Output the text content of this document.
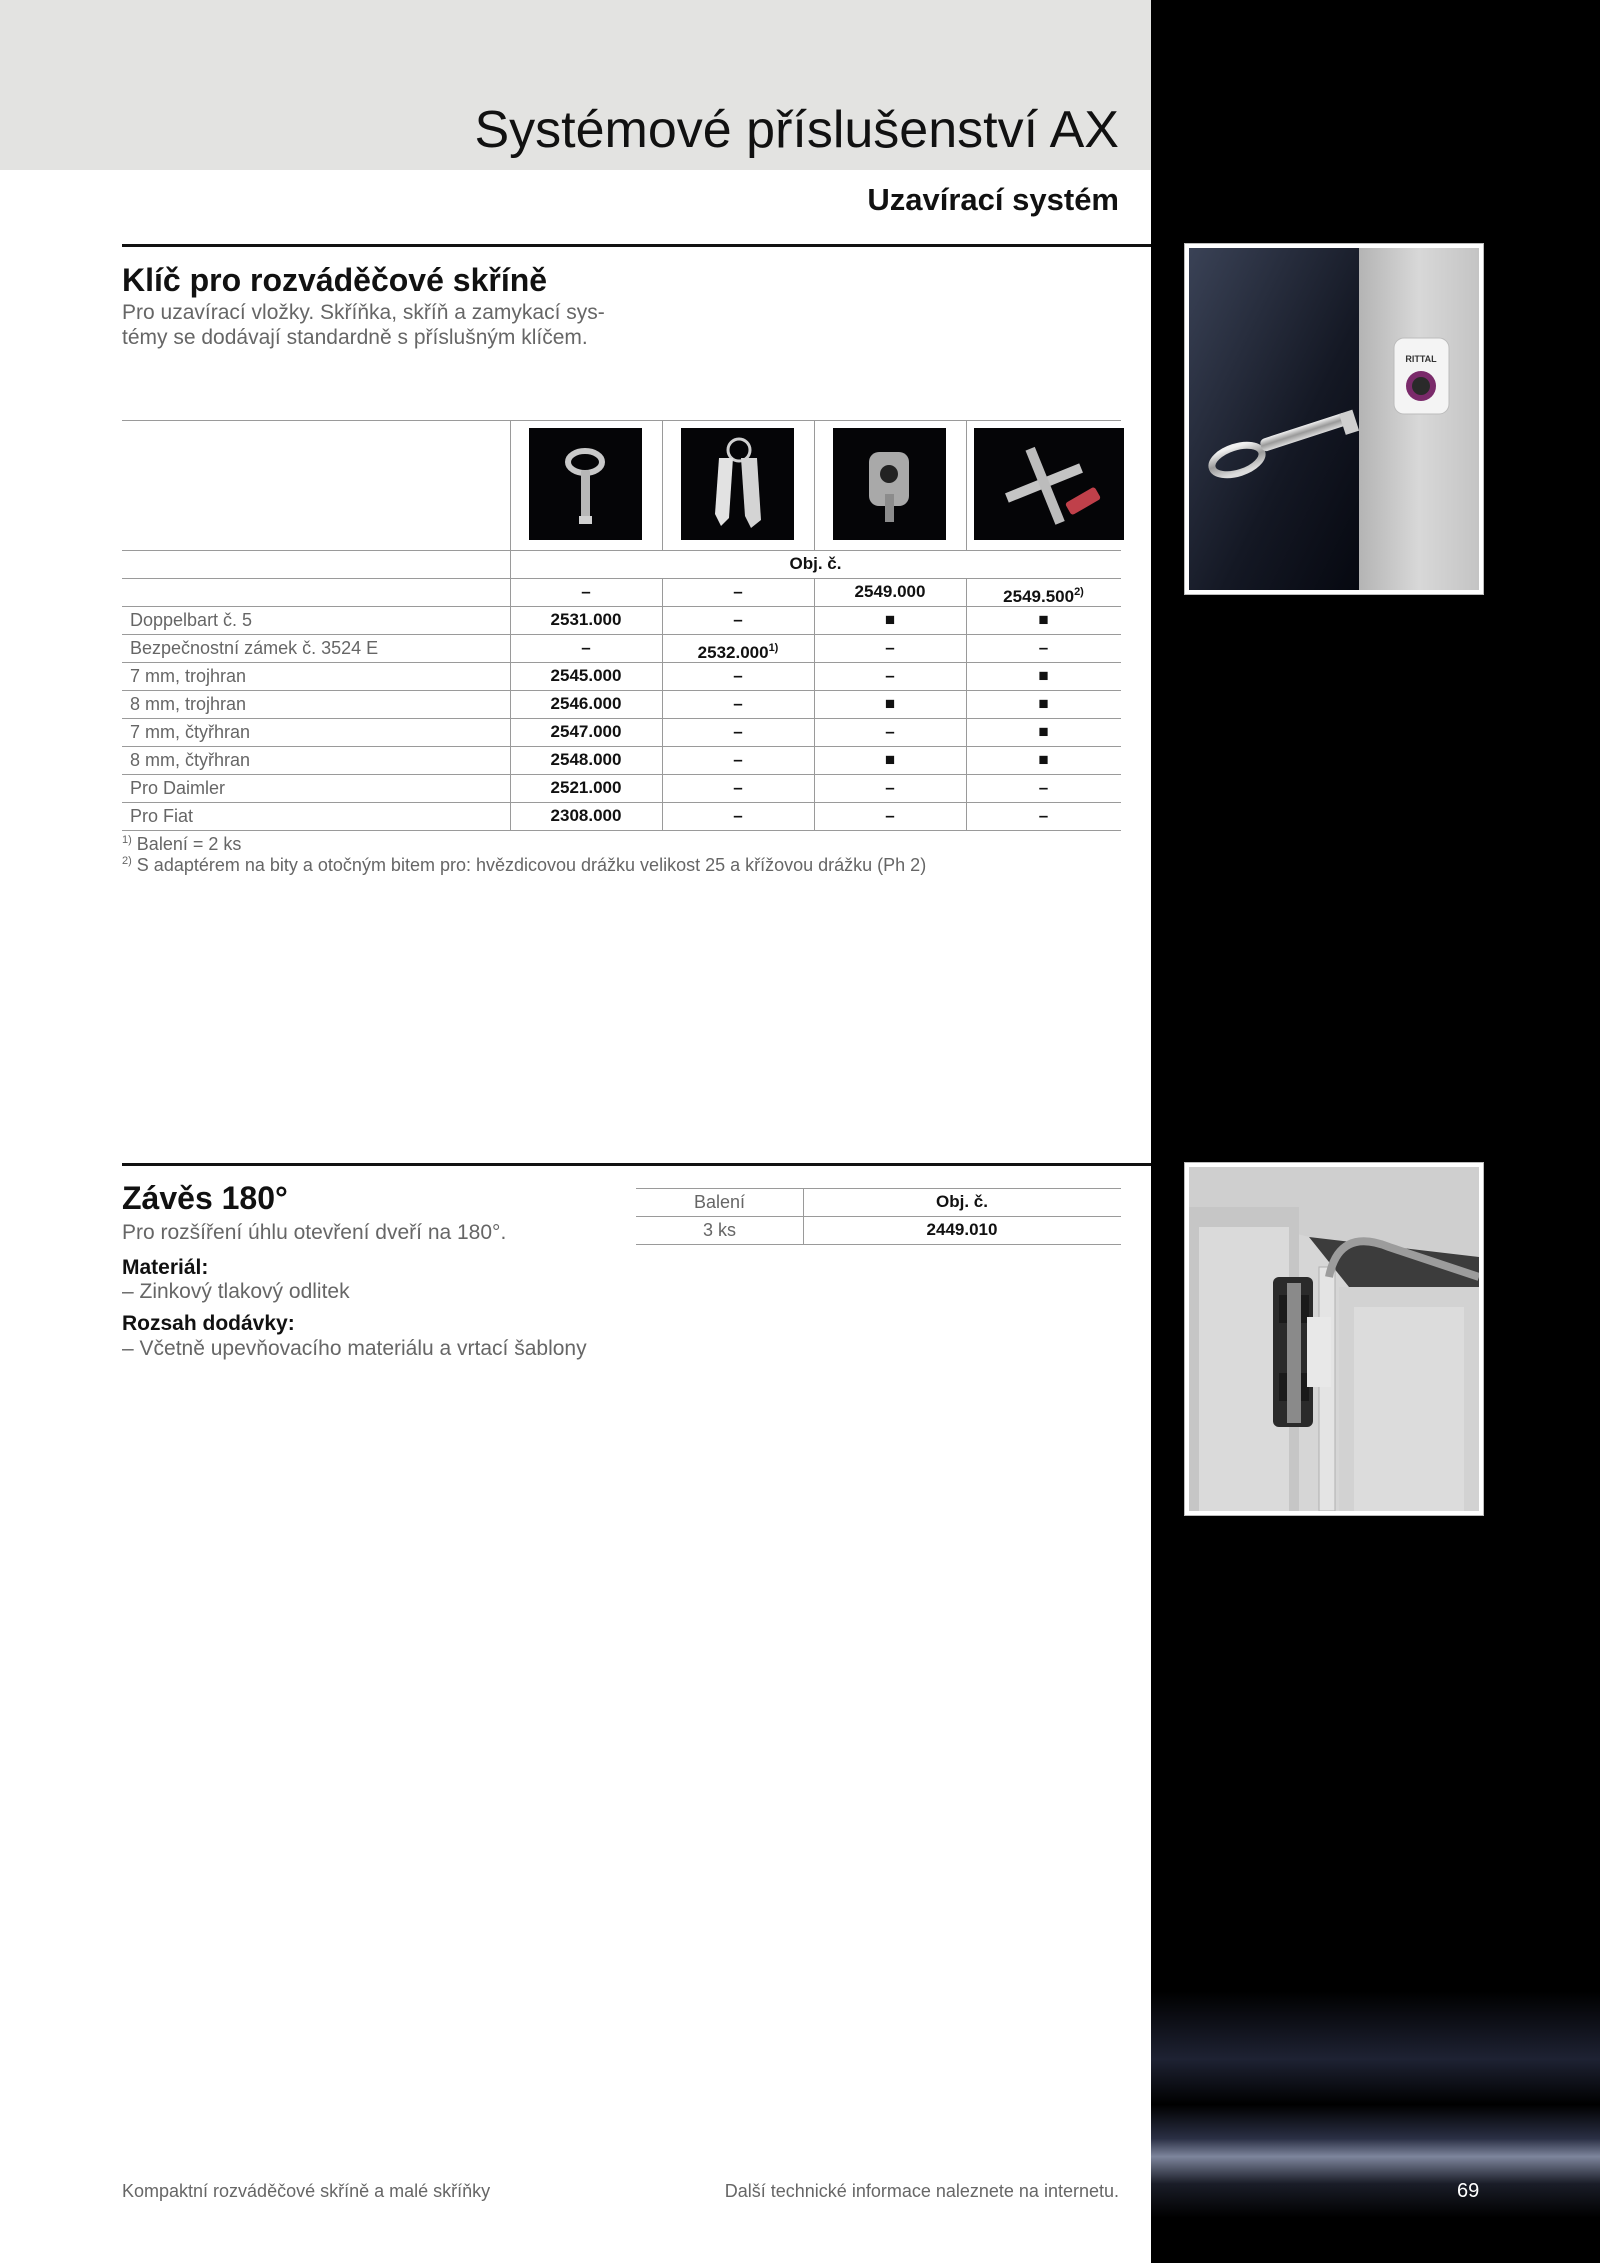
Systémové příslušenství AX
Uzavírací systém
69
Klíč pro rozváděčové skříně
Pro uzavírací vložky. Skříňka, skříň a zamykací sys-
témy se dodávají standardně s příslušným klíčem.
RITTAL
Obj. č.
–	–	2549.000	2549.500$^{2)}$
Doppelbart č. 5	2531.000	–	■	■
Bezpečnostní zámek č. 3524 E	–	2532.000$^{1)}$	–	–
7 mm, trojhran	2545.000	–	–	■
8 mm, trojhran	2546.000	–	■	■
7 mm, čtyřhran	2547.000	–	–	■
8 mm, čtyřhran	2548.000	–	■	■
Pro Daimler	2521.000	–	–	–
Pro Fiat	2308.000	–	–	–
$^{1)}$ Balení = 2 ks
$^{2)}$ S adaptérem na bity a otočným bitem pro: hvězdicovou drážku velikost 25 a křížovou drážku (Ph 2)
Závěs 180°
Pro rozšíření úhlu otevření dveří na 180°.
Materiál:
– Zinkový tlakový odlitek
Rozsah dodávky:
– Včetně upevňovacího materiálu a vrtací šablony
Balení	Obj. č.
3 ks	2449.010
Kompaktní rozváděčové skříně a malé skříňky	Další technické informace naleznete na internetu.
